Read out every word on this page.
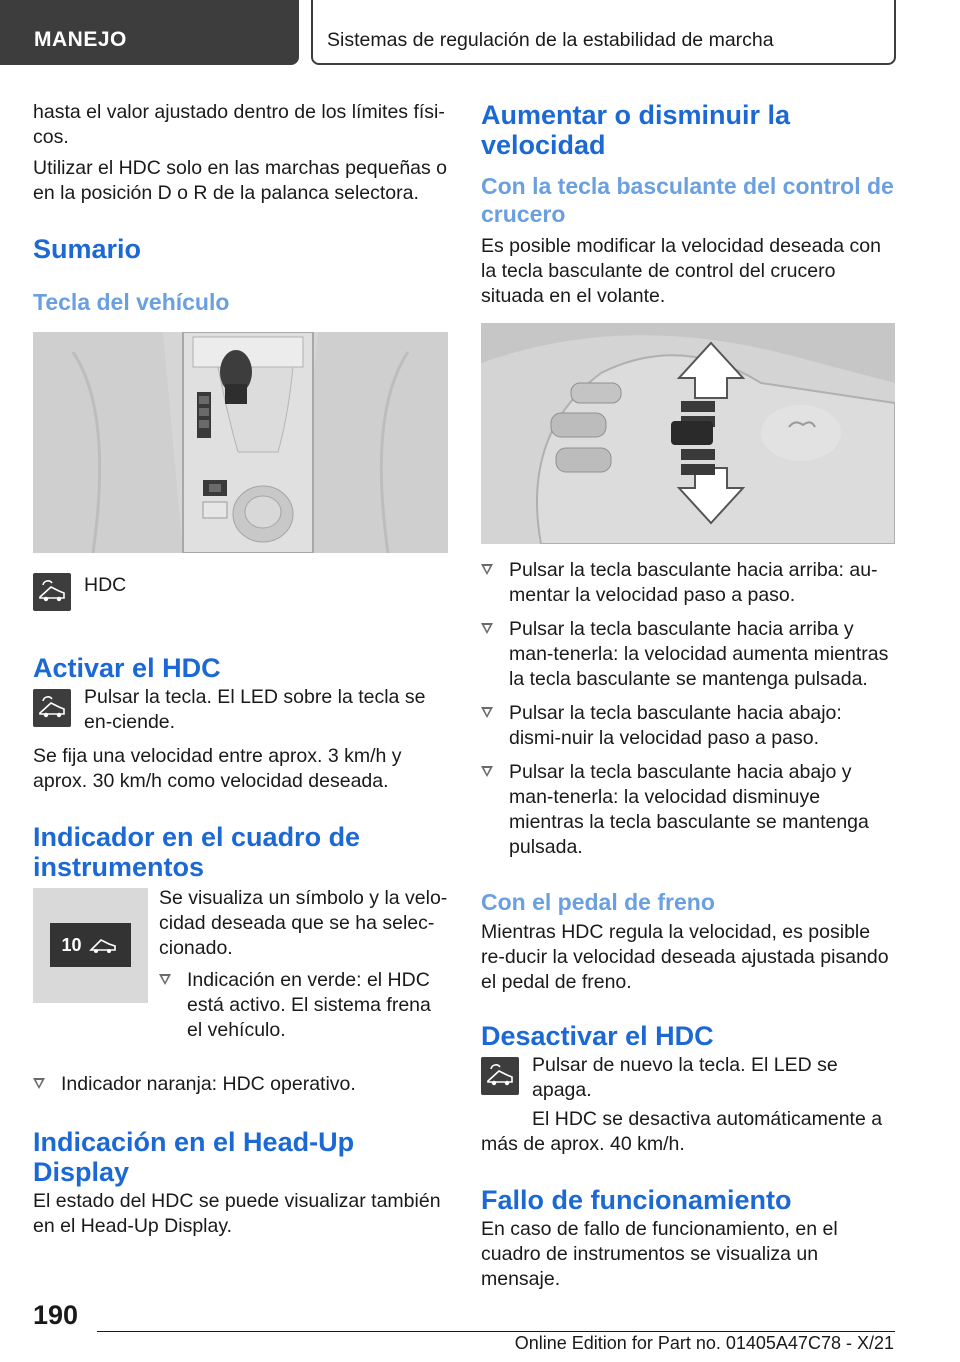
MANEJO	Sistemas de regulación de la estabilidad de marcha

hasta el valor ajustado dentro de los límites físi‐cos.

Utilizar el HDC solo en las marchas pequeñas o en la posición D o R de la palanca selectora.

Sumario
Tecla del vehículo

HDC

Activar el HDC

Pulsar la tecla. El LED sobre la tecla se en‐ciende.

Se fija una velocidad entre aprox. 3 km/h y aprox. 30 km/h como velocidad deseada.

Indicador en el cuadro de instrumentos
10

Se visualiza un símbolo y la velo‐cidad deseada que se ha selec‐cionado.

Indicación en verde: el HDC está activo. El sistema frena el vehículo.
Indicador naranja: HDC operativo.
Indicación en el Head-Up Display

El estado del HDC se puede visualizar también en el Head-Up Display.

Aumentar o disminuir la velocidad
Con la tecla basculante del control de crucero

Es posible modificar la velocidad deseada con la tecla basculante de control del crucero situada en el volante.

Pulsar la tecla basculante hacia arriba: au‐mentar la velocidad paso a paso.
Pulsar la tecla basculante hacia arriba y man‐tenerla: la velocidad aumenta mientras la tecla basculante se mantenga pulsada.
Pulsar la tecla basculante hacia abajo: dismi‐nuir la velocidad paso a paso.
Pulsar la tecla basculante hacia abajo y man‐tenerla: la velocidad disminuye mientras la tecla basculante se mantenga pulsada.
Con el pedal de freno

Mientras HDC regula la velocidad, es posible re‐ducir la velocidad deseada ajustada pisando el pedal de freno.

Desactivar el HDC

Pulsar de nuevo la tecla. El LED se apaga.

El HDC se desactiva automáticamente a más de aprox. 40 km/h.

Fallo de funcionamiento

En caso de fallo de funcionamiento, en el cuadro de instrumentos se visualiza un mensaje.

190
Online Edition for Part no. 01405A47C78 - X/21
